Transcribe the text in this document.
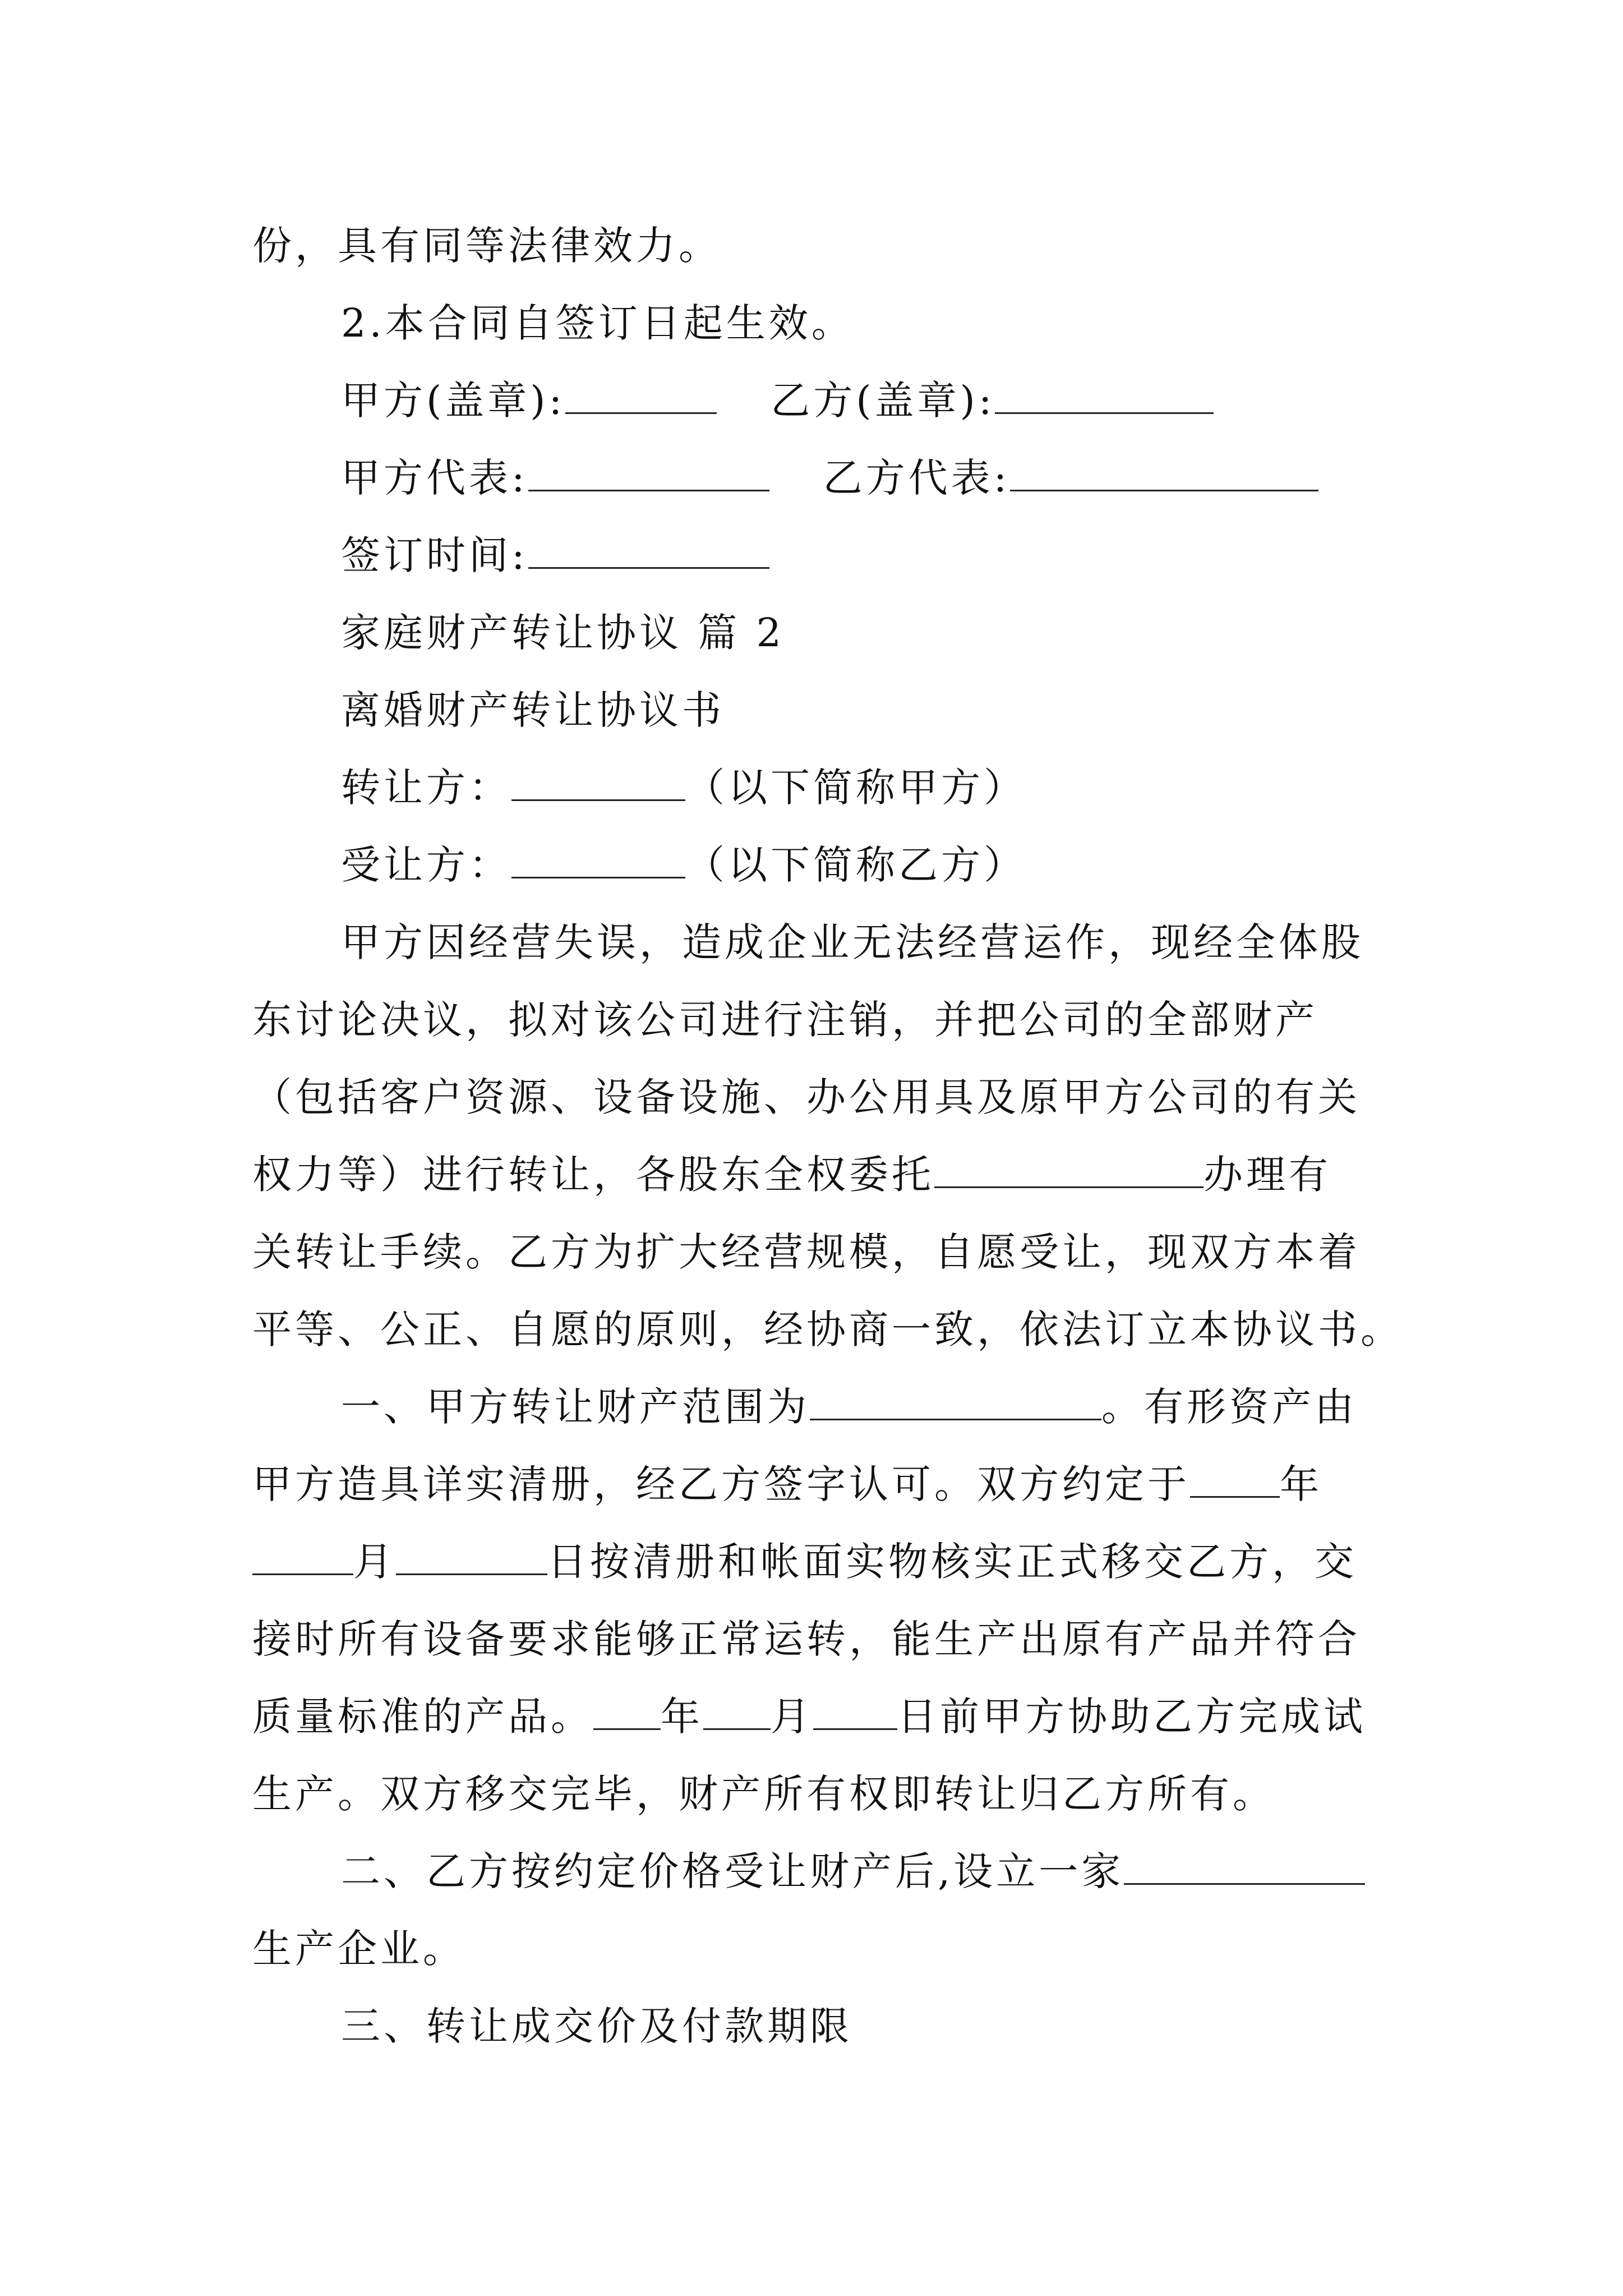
份，具有同等法律效力。
2.本合同自签订日起生效。
甲方(盖章):	乙方(盖章):
甲方代表:	乙方代表:
签订时间:
家庭财产转让协议 篇 2
离婚财产转让协议书
转让方：	（以下简称甲方）
受让方：	（以下简称乙方）
甲方因经营失误，造成企业无法经营运作，现经全体股
东讨论决议，拟对该公司进行注销，并把公司的全部财产
（包括客户资源、设备设施、办公用具及原甲方公司的有关
权力等）进行转让，各股东全权委托	办理有
关转让手续。乙方为扩大经营规模，自愿受让，现双方本着
平等、公正、自愿的原则，经协商一致，依法订立本协议书。
一、甲方转让财产范围为	。有形资产由
甲方造具详实清册，经乙方签字认可。双方约定于 年
月	日按清册和帐面实物核实正式移交乙方，交
接时所有设备要求能够正常运转，能生产出原有产品并符合
质量标准的产品。 年 月 日前甲方协助乙方完成试
生产。双方移交完毕，财产所有权即转让归乙方所有。
二、乙方按约定价格受让财产后,设立一家
生产企业。
三、转让成交价及付款期限
